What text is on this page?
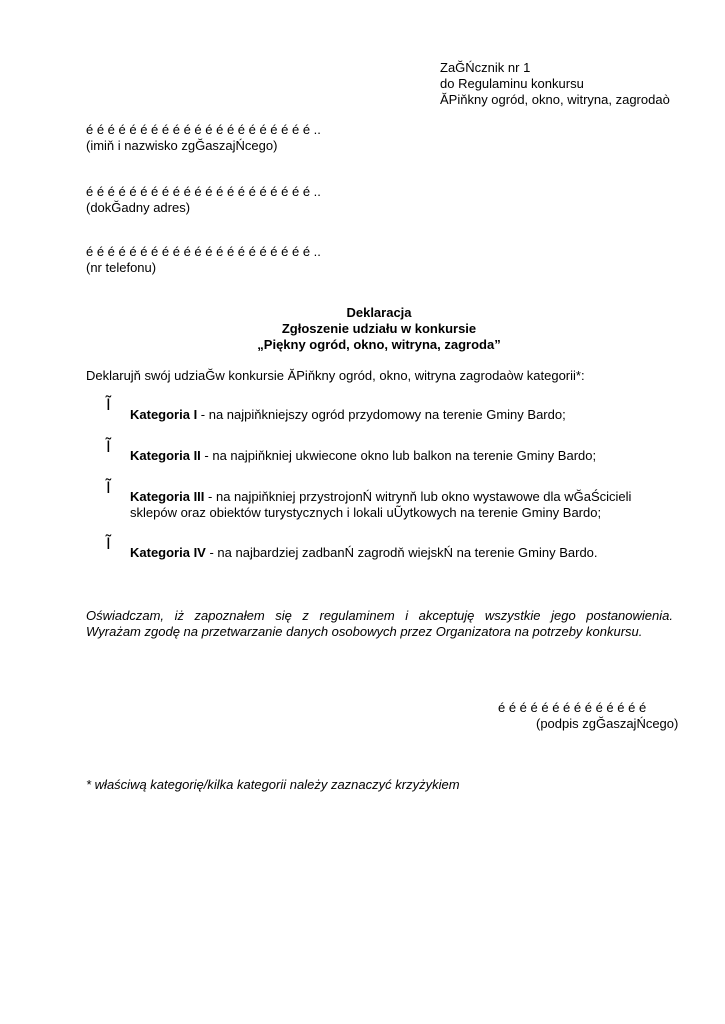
ZaĞŃcznik nr 1
do Regulaminu konkursu
ĂPiňkny ogród, okno, witryna, zagrodaò
é é é é é é é é é é é é é é é é é é é é é ..
(imiň i nazwisko zgĞaszajŃcego)
é é é é é é é é é é é é é é é é é é é é é ..
(dokĞadny adres)
é é é é é é é é é é é é é é é é é é é é é ..
(nr telefonu)
Deklaracja
Zgłoszenie udziału w konkursie
„Piękny ogród, okno, witryna, zagroda”
Deklarujň swój udziaĞw konkursie ĂPiňkny ogród, okno, witryna zagrodaòw kategorii*:
Ĩ
Kategoria I - na najpiňkniejszy ogród przydomowy na terenie Gminy Bardo;
Ĩ Kategoria II - na najpiňkniej ukwiecone okno lub balkon na terenie Gminy Bardo;
Ĩ Kategoria III - na najpiňkniej przystrojonŃ witrynň lub okno wystawowe dla wĞaŚcicieli
sklepów oraz obiektów turystycznych i lokali uŨytkowych na terenie Gminy Bardo;
Ĩ Kategoria IV - na najbardziej zadbanŃ zagrodň wiejskŃ na terenie Gminy Bardo.
Oświadczam, iż zapoznałem się z regulaminem i akceptuję wszystkie jego postanowienia.
Wyrażam zgodę na przetwarzanie danych osobowych przez Organizatora na potrzeby konkursu.
é é é é é é é é é é é é é é
(podpis zgĞaszajŃcego)
* właściwą kategorię/kilka kategorii należy zaznaczyć krzyżykiem
